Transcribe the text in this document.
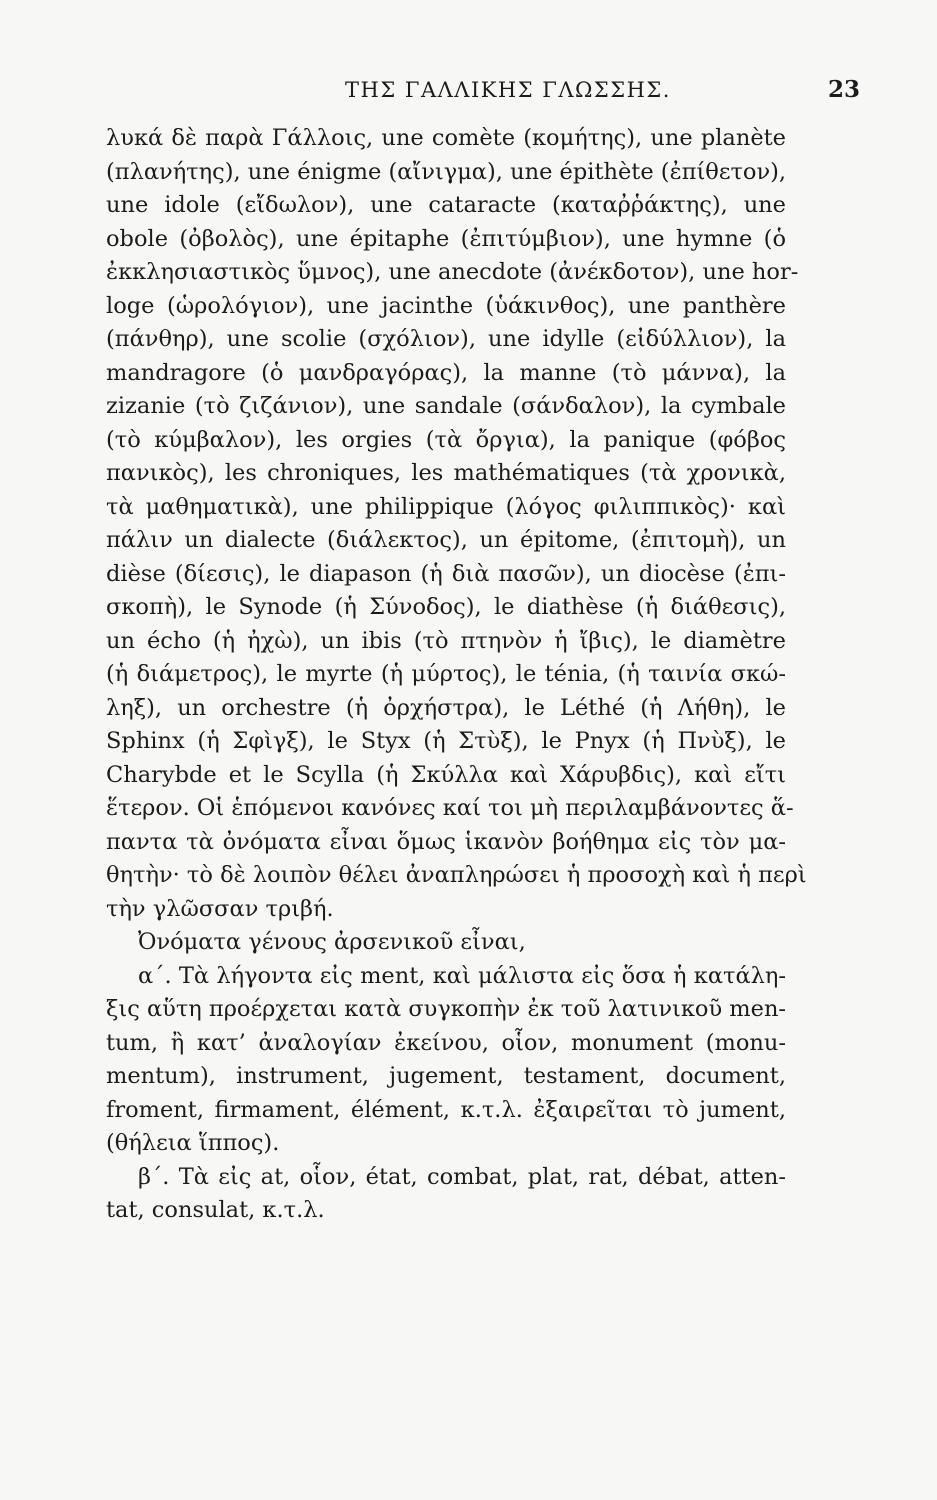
ΤΗΣ ΓΑΛΛΙΚΗΣ ΓΛΩΣΣΗΣ.	23
λυκά δὲ παρὰ Γάλλοις, une comète (κομήτης), une planète
(πλανήτης), une énigme (αἴνιγμα), une épithète (ἐπίθετον),
une idole (εἴδωλον), une cataracte (καταῤῥάκτης), une
obole (ὀβολὸς), une épitaphe (ἐπιτύμβιον), une hymne (ὁ
ἐκκλησιαστικὸς ὕμνος), une anecdote (ἀνέκδοτον), une hor-
loge (ὡρολόγιον), une jacinthe (ὑάκινθος), une panthère
(πάνθηρ), une scolie (σχόλιον), une idylle (εἰδύλλιον), la
mandragore (ὁ μανδραγόρας), la manne (τὸ μάννα), la
zizanie (τὸ ζιζάνιον), une sandale (σάνδαλον), la cymbale
(τὸ κύμβαλον), les orgies (τὰ ὄργια), la panique (φόβος
πανικὸς), les chroniques, les mathématiques (τὰ χρονικὰ,
τὰ μαθηματικὰ), une philippique (λόγος φιλιππικὸς)· καὶ
πάλιν un dialecte (διάλεκτος), un épitome, (ἐπιτομὴ), un
dièse (δίεσις), le diapason (ἡ διὰ πασῶν), un diocèse (ἐπι-
σκοπὴ), le Synode (ἡ Σύνοδος), le diathèse (ἡ διάθεσις),
un écho (ἡ ἠχὼ), un ibis (τὸ πτηνὸν ἡ ἴβις), le diamètre
(ἡ διάμετρος), le myrte (ἡ μύρτος), le ténia, (ἡ ταινία σκώ-
ληξ), un orchestre (ἡ ὀρχήστρα), le Léthé (ἡ Λήθη), le
Sphinx (ἡ Σφὶγξ), le Styx (ἡ Στὺξ), le Pnyx (ἡ Πνὺξ), le
Charybde et le Scylla (ἡ Σκύλλα καὶ Χάρυβδις), καὶ εἴτι
ἕτερον. Οἱ ἑπόμενοι κανόνες καί τοι μὴ περιλαμβάνοντες ἅ-
παντα τὰ ὀνόματα εἶναι ὅμως ἱκανὸν βοήθημα εἰς τὸν μα-
θητὴν· τὸ δὲ λοιπὸν θέλει ἀναπληρώσει ἡ προσοχὴ καὶ ἡ περὶ
τὴν γλῶσσαν τριβή.
Ὀνόματα γένους ἀρσενικοῦ εἶναι,
α΄. Τὰ λήγοντα εἰς ment, καὶ μάλιστα εἰς ὅσα ἡ κατάλη-
ξις αὕτη προέρχεται κατὰ συγκοπὴν ἐκ τοῦ λατινικοῦ men-
tum, ἢ κατ’ ἀναλογίαν ἐκείνου, οἷον, monument (monu-
mentum), instrument, jugement, testament, document,
froment, firmament, élément, κ.τ.λ. ἐξαιρεῖται τὸ jument,
(θήλεια ἵππος).
β΄. Τὰ εἰς at, οἷον, état, combat, plat, rat, débat, atten-
tat, consulat, κ.τ.λ.
